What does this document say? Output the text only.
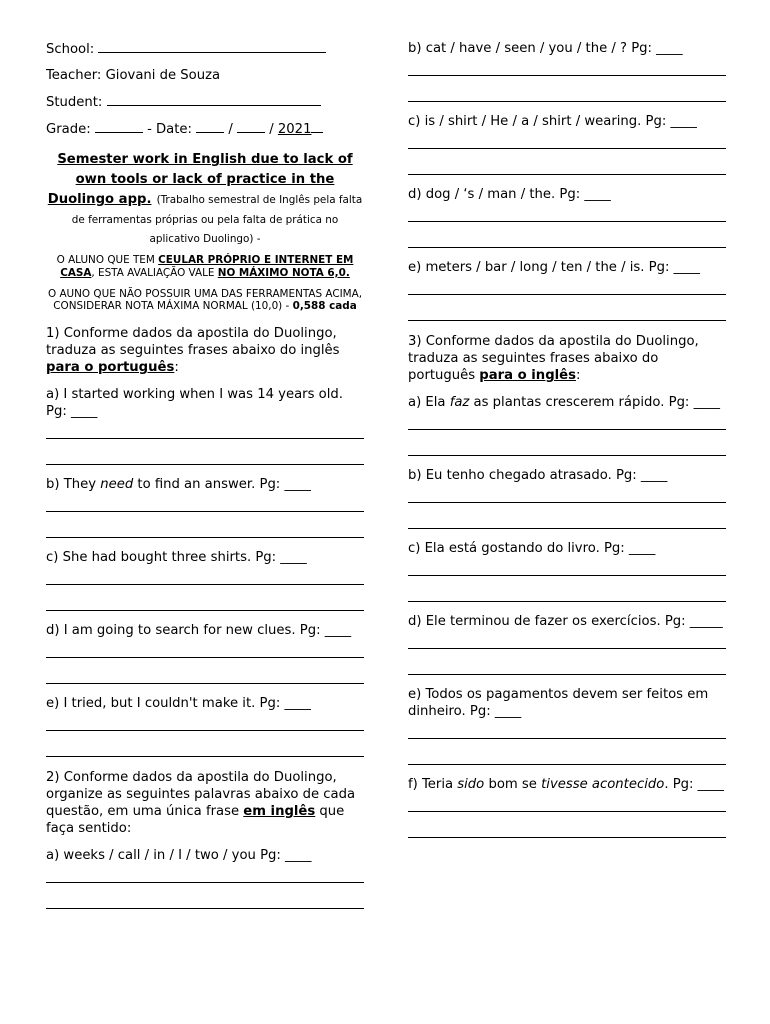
School:
Teacher: Giovani de Souza
Student:
Grade:	- Date:	/	/ 2021
Semester work in English due to lack of own tools or lack of practice in the Duolingo app. (Trabalho semestral de Inglês pela falta de ferramentas próprias ou pela falta de prática no aplicativo Duolingo) -
O ALUNO QUE TEM CEULAR PRÓPRIO E INTERNET EM CASA, ESTA AVALIAÇÃO VALE NO MÁXIMO NOTA 6,0.
O AUNO QUE NÃO POSSUIR UMA DAS FERRAMENTAS ACIMA, CONSIDERAR NOTA MÁXIMA NORMAL (10,0) - 0,588 cada
1) Conforme dados da apostila do Duolingo, traduza as seguintes frases abaixo do inglês para o português:
a) I started working when I was 14 years old. Pg: ____
b) They need to find an answer. Pg: ____
c) She had bought three shirts. Pg: ____
d) I am going to search for new clues. Pg: ____
e) I tried, but I couldn't make it. Pg: ____
2) Conforme dados da apostila do Duolingo, organize as seguintes palavras abaixo de cada questão, em uma única frase em inglês que faça sentido:
a) weeks / call / in / I / two / you Pg: ____
b) cat / have / seen / you / the / ? Pg: ____
c) is / shirt / He / a / shirt / wearing. Pg: ____
d) dog / ‘s / man / the. Pg: ____
e) meters / bar / long / ten / the / is. Pg: ____
3) Conforme dados da apostila do Duolingo, traduza as seguintes frases abaixo do português para o inglês:
a) Ela faz as plantas crescerem rápido. Pg: ____
b) Eu tenho chegado atrasado. Pg: ____
c) Ela está gostando do livro. Pg: ____
d) Ele terminou de fazer os exercícios. Pg: _____
e) Todos os pagamentos devem ser feitos em dinheiro. Pg: ____
f) Teria sido bom se tivesse acontecido. Pg: ____
